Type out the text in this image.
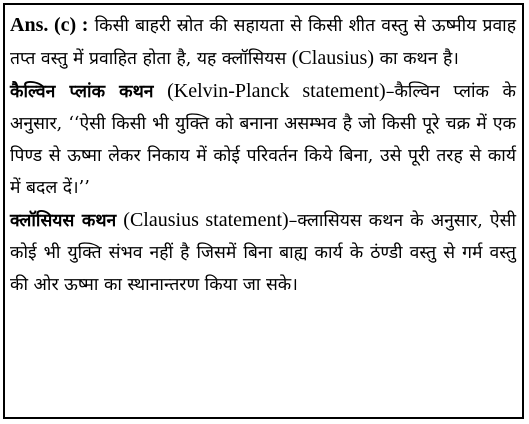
Ans. (c) : किसी बाहरी स्रोत की सहायता से किसी शीत वस्तु से ऊष्मीय प्रवाह तप्त वस्तु में प्रवाहित होता है, यह क्लॉसियस (Clausius) का कथन है।

कैल्विन प्लांक कथन (Kelvin-Planck statement)–कैल्विन प्लांक के अनुसार, ‘‘ऐसी किसी भी युक्ति को बनाना असम्भव है जो किसी पूरे चक्र में एक पिण्ड से ऊष्मा लेकर निकाय में कोई परिवर्तन किये बिना, उसे पूरी तरह से कार्य में बदल दें।’’

क्लॉसियस कथन (Clausius statement)–क्लासियस कथन के अनुसार, ऐसी कोई भी युक्ति संभव नहीं है जिसमें बिना बाह्य कार्य के ठंण्डी वस्तु से गर्म वस्तु की ओर ऊष्मा का स्थानान्तरण किया जा सके।
